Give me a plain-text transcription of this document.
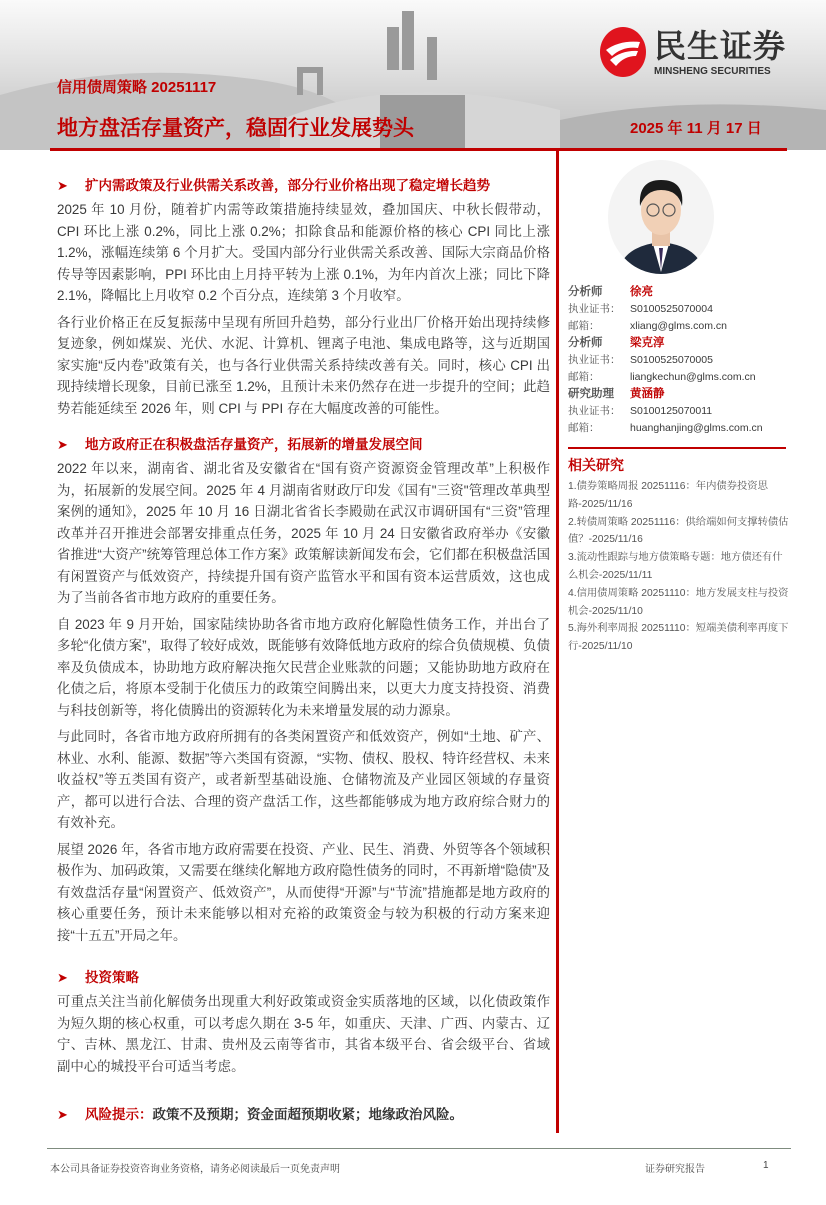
民生证券
MINSHENG SECURITIES
信用债周策略 20251117
地方盘活存量资产，稳固行业发展势头	2025 年 11 月 17 日
➤	扩内需政策及行业供需关系改善，部分行业价格出现了稳定增长趋势

2025 年 10 月份，随着扩内需等政策措施持续显效，叠加国庆、中秋长假带动，CPI 环比上涨 0.2%，同比上涨 0.2%；扣除食品和能源价格的核心 CPI 同比上涨 1.2%，涨幅连续第 6 个月扩大。受国内部分行业供需关系改善、国际大宗商品价格传导等因素影响，PPI 环比由上月持平转为上涨 0.1%，为年内首次上涨；同比下降 2.1%，降幅比上月收窄 0.2 个百分点，连续第 3 个月收窄。

各行业价格正在反复振荡中呈现有所回升趋势，部分行业出厂价格开始出现持续修复迹象，例如煤炭、光伏、水泥、计算机、锂离子电池、集成电路等，这与近期国家实施“反内卷”政策有关，也与各行业供需关系持续改善有关。同时，核心 CPI 出现持续增长现象，目前已涨至 1.2%，且预计未来仍然存在进一步提升的空间；此趋势若能延续至 2026 年，则 CPI 与 PPI 存在大幅度改善的可能性。

➤	地方政府正在积极盘活存量资产，拓展新的增量发展空间

2022 年以来，湖南省、湖北省及安徽省在“国有资产资源资金管理改革”上积极作为，拓展新的发展空间。2025 年 4 月湖南省财政厅印发《国有"三资"管理改革典型案例的通知》，2025 年 10 月 16 日湖北省省长李殿勋在武汉市调研国有“三资”管理改革并召开推进会部署安排重点任务，2025 年 10 月 24 日安徽省政府举办《安徽省推进“大资产”统筹管理总体工作方案》政策解读新闻发布会，它们都在积极盘活国有闲置资产与低效资产，持续提升国有资产监管水平和国有资本运营质效，这也成为了当前各省市地方政府的重要任务。

自 2023 年 9 月开始，国家陆续协助各省市地方政府化解隐性债务工作，并出台了多轮“化债方案”，取得了较好成效，既能够有效降低地方政府的综合负债规模、负债率及负债成本，协助地方政府解决拖欠民营企业账款的问题；又能协助地方政府在化债之后，将原本受制于化债压力的政策空间腾出来，以更大力度支持投资、消费与科技创新等，将化债腾出的资源转化为未来增量发展的动力源泉。

与此同时，各省市地方政府所拥有的各类闲置资产和低效资产，例如“土地、矿产、林业、水利、能源、数据”等六类国有资源，“实物、债权、股权、特许经营权、未来收益权”等五类国有资产，或者新型基础设施、仓储物流及产业园区领域的存量资产，都可以进行合法、合理的资产盘活工作，这些都能够成为地方政府综合财力的有效补充。

展望 2026 年，各省市地方政府需要在投资、产业、民生、消费、外贸等各个领域积极作为、加码政策，又需要在继续化解地方政府隐性债务的同时，不再新增“隐债”及有效盘活存量“闲置资产、低效资产”，从而使得“开源”与“节流”措施都是地方政府的核心重要任务，预计未来能够以相对充裕的政策资金与较为积极的行动方案来迎接“十五五”开局之年。

➤	投资策略

可重点关注当前化解债务出现重大利好政策或资金实质落地的区域，以化债政策作为短久期的核心权重，可以考虑久期在 3-5 年，如重庆、天津、广西、内蒙古、辽宁、吉林、黑龙江、甘肃、贵州及云南等省市，其省本级平台、省会级平台、省域副中心的城投平台可适当考虑。

➤	风险提示：政策不及预期；资金面超预期收紧；地缘政治风险。
分析师	徐亮
执业证书： S0100525070004
邮箱：	xliang@glms.com.cn
分析师	梁克淳
执业证书： S0100525070005
邮箱：	liangkechun@glms.com.cn
研究助理	黄涵静
执业证书： S0100125070011
邮箱：	huanghanjing@glms.com.cn
相关研究
1.债券策略周报 20251116：年内债券投资思路-2025/11/16
2.转债周策略 20251116：供给端如何支撑转债估值？-2025/11/16
3.流动性跟踪与地方债策略专题：地方债还有什么机会-2025/11/11
4.信用债周策略 20251110：地方发展支柱与投资机会-2025/11/10
5.海外利率周报 20251110：短端美债利率再度下行-2025/11/10
本公司具备证券投资咨询业务资格，请务必阅读最后一页免责声明	证券研究报告	1
